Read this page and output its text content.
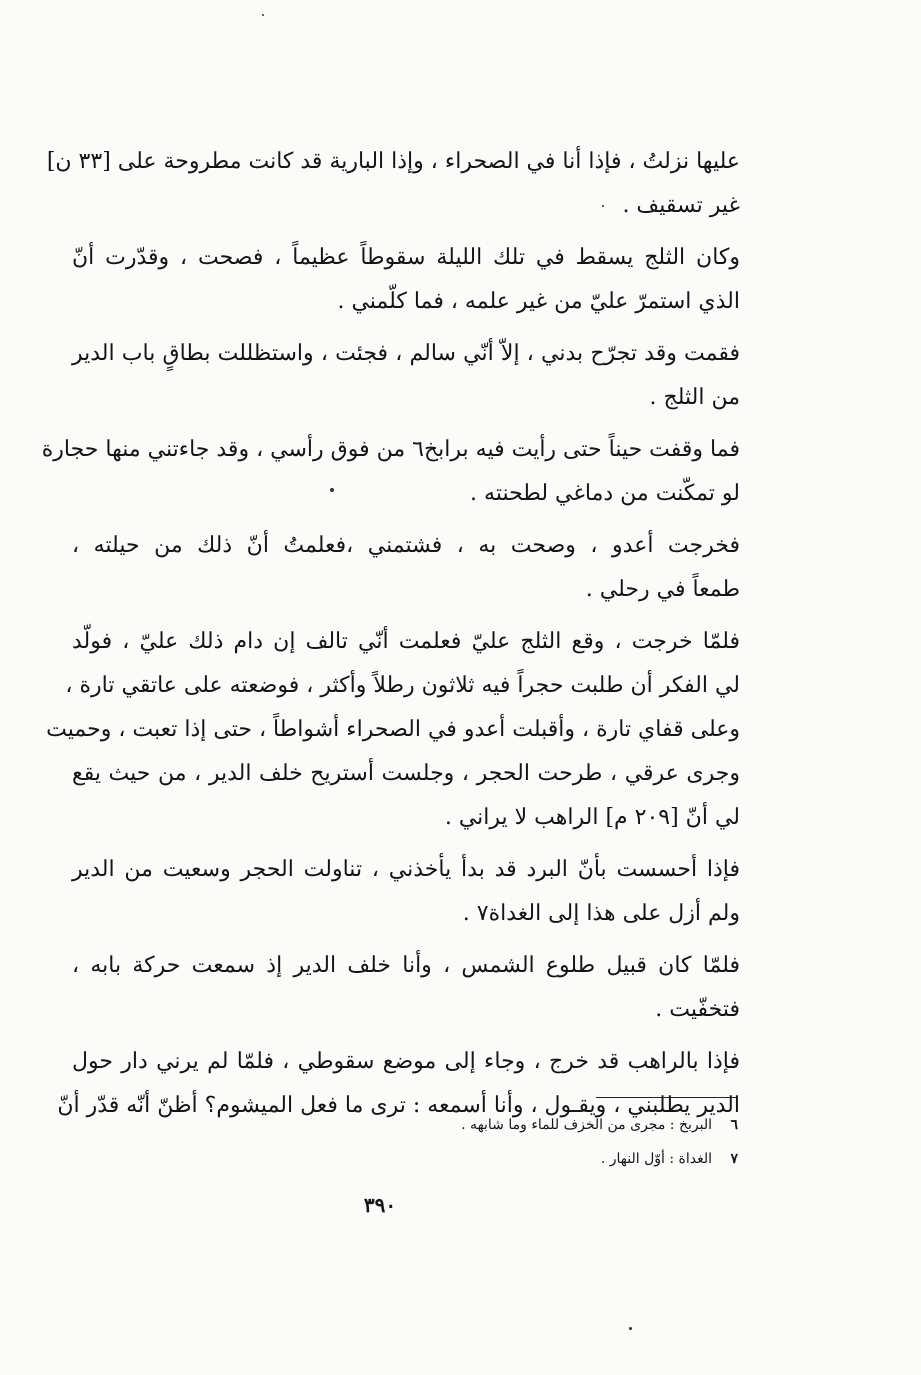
عليها نزلتُ ، فإذا أنا في الصحراء ، وإذا البارية قد كانت مطروحة على [٣٣ ن]
غير تسقيف .
وكان الثلج يسقط في تلك الليلة سقوطاً عظيماً ، فصحت ، وقدّرت أنّ
الذي استمرّ عليّ من غير علمه ، فما كلّمني .
فقمت وقد تجرّح بدني ، إلاّ أنّي سالم ، فجئت ، واستظللت بطاقٍ باب الدير
من الثلج .
فما وقفت حيناً حتى رأيت فيه برابخ٦ من فوق رأسي ، وقد جاءتني منها حجارة
لو تمكّنت من دماغي لطحنته .
فخرجت أعدو ، وصحت به ، فشتمني ،فعلمتُ أنّ ذلك من حيلته ،
طمعاً في رحلي .
فلمّا خرجت ، وقع الثلج عليّ فعلمت أنّي تالف إن دام ذلك عليّ ، فولّد
لي الفكر أن طلبت حجراً فيه ثلاثون رطلاً وأكثر ، فوضعته على عاتقي تارة ،
وعلى قفاي تارة ، وأقبلت أعدو في الصحراء أشواطاً ، حتى إذا تعبت ، وحميت
وجرى عرقي ، طرحت الحجر ، وجلست أستريح خلف الدير ، من حيث يقع
لي أنّ [٢٠٩ م] الراهب لا يراني .
فإذا أحسست بأنّ البرد قد بدأ يأخذني ، تناولت الحجر وسعيت من الدير
ولم أزل على هذا إلى الغداة٧ .
فلمّا كان قبيل طلوع الشمس ، وأنا خلف الدير إذ سمعت حركة بابه ،
فتخفّيت .
فإذا بالراهب قد خرج ، وجاء إلى موضع سقوطي ، فلمّا لم يرني دار حول
الدير يطلبني ، ويقـول ، وأنا أسمعه : ترى ما فعل الميشوم؟ أظنّ أنّه قدّر أنّ
٦
البربخ : مجرى من الخزف للماء وما شابهه .
٧
الغداة : أوّل النهار .
٣٩٠
